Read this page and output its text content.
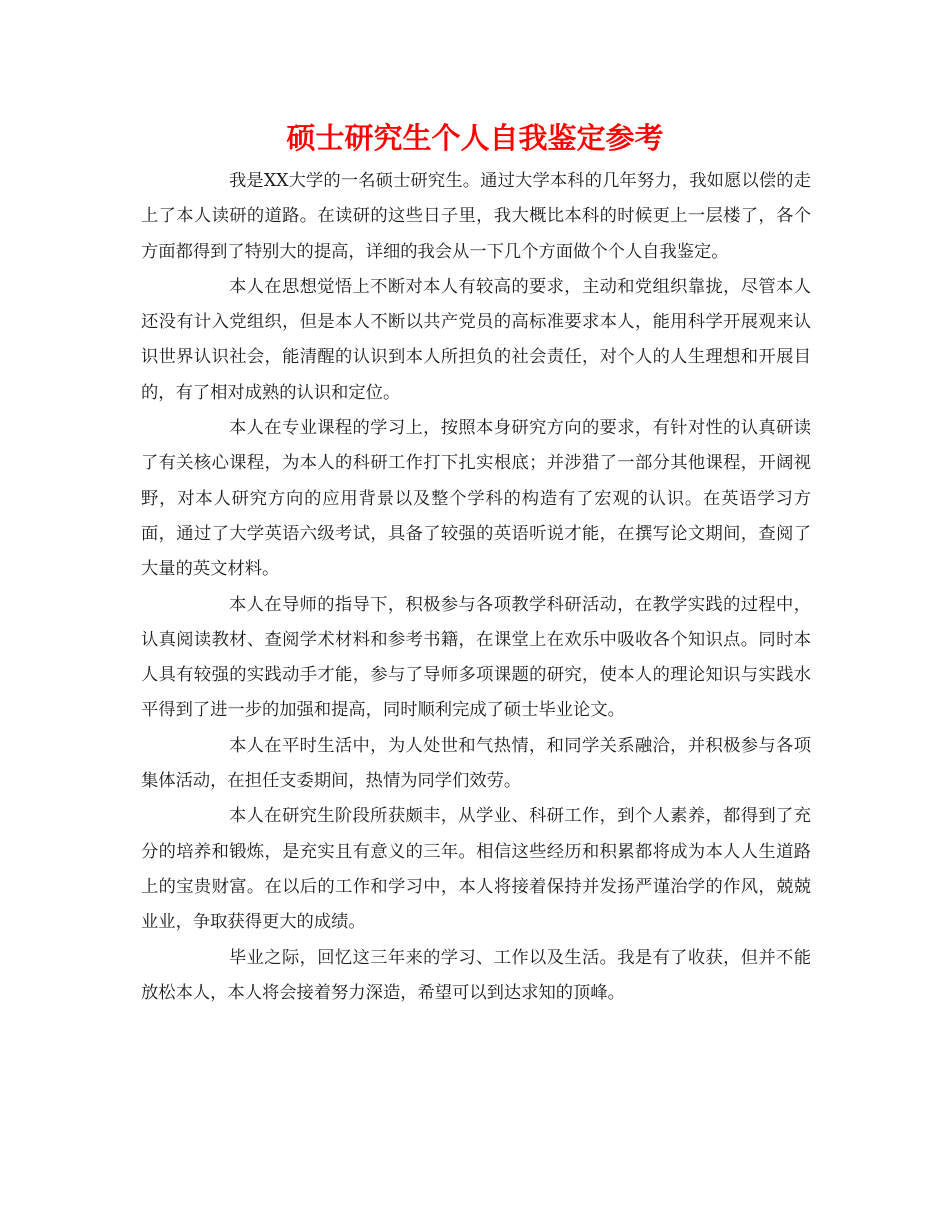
硕士研究生个人自我鉴定参考

我是XX大学的一名硕士研究生。通过大学本科的几年努力，我如愿以偿的走上了本人读研的道路。在读研的这些日子里，我大概比本科的时候更上一层楼了，各个方面都得到了特别大的提高，详细的我会从一下几个方面做个个人自我鉴定。

本人在思想觉悟上不断对本人有较高的要求，主动和党组织靠拢，尽管本人还没有计入党组织，但是本人不断以共产党员的高标准要求本人，能用科学开展观来认识世界认识社会，能清醒的认识到本人所担负的社会责任，对个人的人生理想和开展目的，有了相对成熟的认识和定位。

本人在专业课程的学习上，按照本身研究方向的要求，有针对性的认真研读了有关核心课程，为本人的科研工作打下扎实根底；并涉猎了一部分其他课程，开阔视野，对本人研究方向的应用背景以及整个学科的构造有了宏观的认识。在英语学习方面，通过了大学英语六级考试，具备了较强的英语听说才能，在撰写论文期间，查阅了大量的英文材料。

本人在导师的指导下，积极参与各项教学科研活动，在教学实践的过程中，认真阅读教材、查阅学术材料和参考书籍，在课堂上在欢乐中吸收各个知识点。同时本人具有较强的实践动手才能，参与了导师多项课题的研究，使本人的理论知识与实践水平得到了进一步的加强和提高，同时顺利完成了硕士毕业论文。

本人在平时生活中，为人处世和气热情，和同学关系融洽，并积极参与各项集体活动，在担任支委期间，热情为同学们效劳。

本人在研究生阶段所获颇丰，从学业、科研工作，到个人素养，都得到了充分的培养和锻炼，是充实且有意义的三年。相信这些经历和积累都将成为本人人生道路上的宝贵财富。在以后的工作和学习中，本人将接着保持并发扬严谨治学的作风，兢兢业业，争取获得更大的成绩。

毕业之际，回忆这三年来的学习、工作以及生活。我是有了收获，但并不能放松本人，本人将会接着努力深造，希望可以到达求知的顶峰。
